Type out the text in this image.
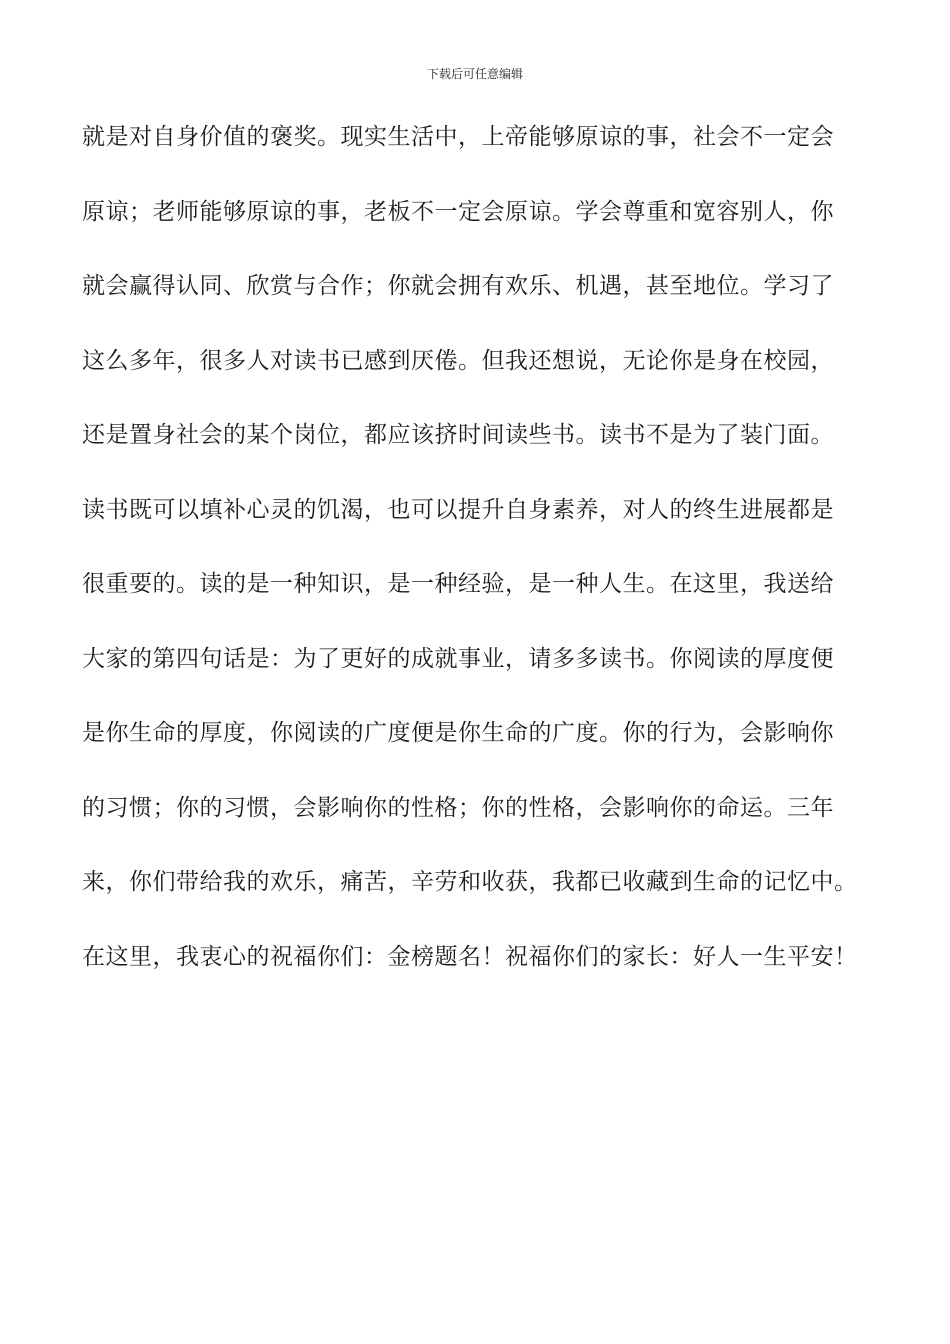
下载后可任意编辑
就是对自身价值的褒奖。现实生活中，上帝能够原谅的事，社会不一定会
原谅；老师能够原谅的事，老板不一定会原谅。学会尊重和宽容别人，你
就会赢得认同、欣赏与合作；你就会拥有欢乐、机遇，甚至地位。学习了
这么多年，很多人对读书已感到厌倦。但我还想说，无论你是身在校园，
还是置身社会的某个岗位，都应该挤时间读些书。读书不是为了装门面。
读书既可以填补心灵的饥渴，也可以提升自身素养，对人的终生进展都是
很重要的。读的是一种知识，是一种经验，是一种人生。在这里，我送给
大家的第四句话是：为了更好的成就事业，请多多读书。你阅读的厚度便
是你生命的厚度，你阅读的广度便是你生命的广度。你的行为，会影响你
的习惯；你的习惯，会影响你的性格；你的性格，会影响你的命运。三年
来，你们带给我的欢乐，痛苦，辛劳和收获，我都已收藏到生命的记忆中。
在这里，我衷心的祝福你们：金榜题名！祝福你们的家长：好人一生平安！
